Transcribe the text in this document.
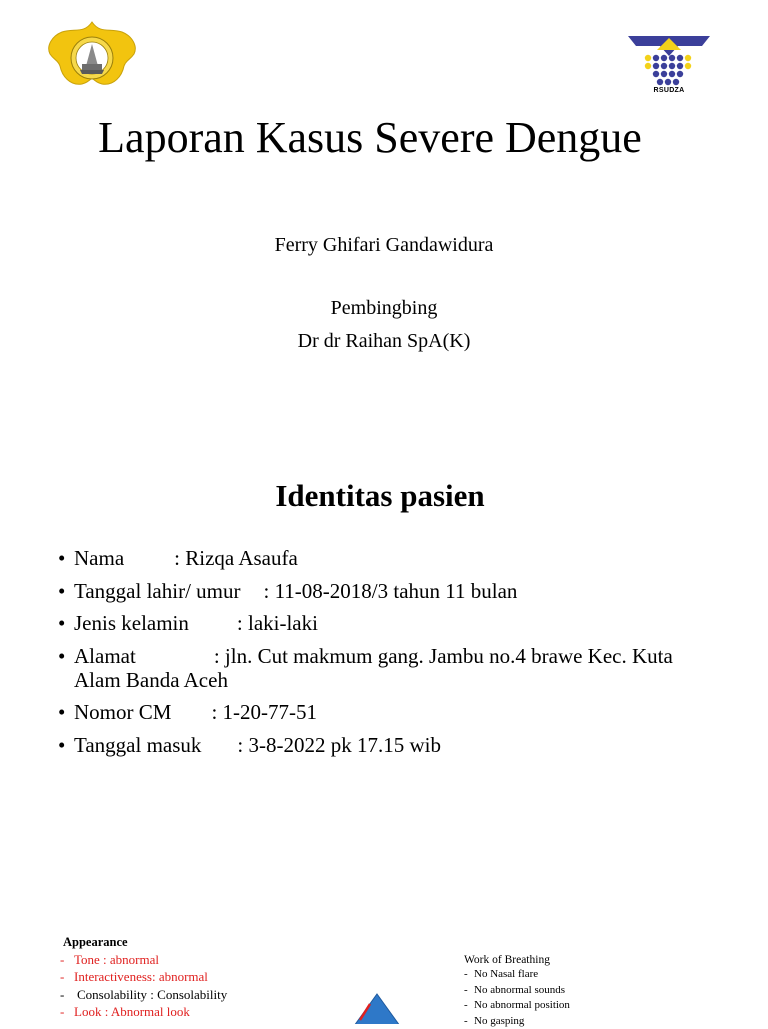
RSUDZA
Laporan Kasus Severe Dengue
Ferry Ghifari Gandawidura
Pembingbing
Dr dr Raihan SpA(K)
Identitas pasien
• Nama : Rizqa Asaufa
• Tanggal lahir/ umur : 11-08-2018/3 tahun 11 bulan
• Jenis kelamin : laki-laki
• Alamat	: jln. Cut makmum gang. Jambu no.4 brawe Kec. Kuta
Alam Banda Aceh
• Nomor CM : 1-20-77-51
• Tanggal masuk : 3-8-2022 pk 17.15 wib
Appearance
- Tone : abnormal
- Interactiveness: abnormal
- Consolability : Consolability
- Look : Abnormal look
Work of Breathing
- No Nasal flare
- No abnormal sounds
- No abnormal position
- No gasping
